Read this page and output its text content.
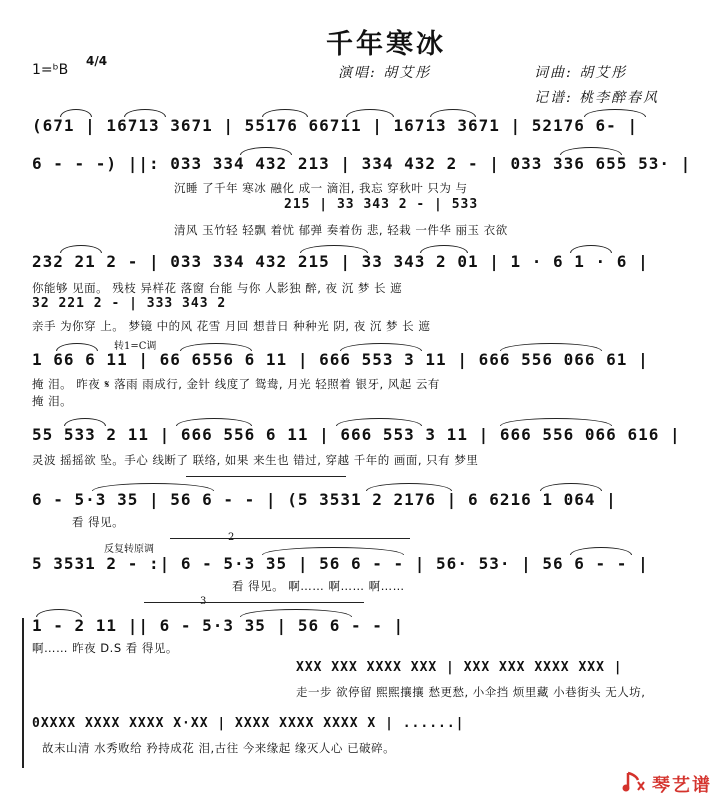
千年寒冰
1=ᵇB
4/4
演唱: 胡艾彤	词曲: 胡艾彤
记谱: 桃李醉春风
(671 | 16713 3671 | 55176 66711 | 16713 3671 | 52176 6- |
6 - - -) ||: 033 334 432 213 | 334 432 2 - | 033 336 655 53· |
沉睡 了千年 寒冰 融化 成一 滴泪, 我忘 穿秋叶 只为 与
215 | 33 343 2 - | 533
清风 玉竹轻 轻飘 着忧 郁弹 奏着伤 悲, 轻栽 一件华 丽玉 衣欲
232 21 2 - | 033 334 432 215 | 33 343 2 01 | 1 · 6 1 · 6 |
你能够 见面。 残枝 异样花 落窗 台能 与你 人影独 醉, 夜 沉 梦 长 遮
32 221 2 - | 333 343 2
亲手 为你穿 上。 梦镜 中的风 花雪 月回 想昔日 种种光 阴, 夜 沉 梦 长 遮
转1=C调
1 66 6 11 | 66 6556 6 11 | 666 553 3 11 | 666 556 066 61 |
掩 泪。 昨夜 𝄋 落雨 雨成行, 金针 线度了 鸳鸯, 月光 轻照着 银牙, 风起 云有
掩 泪。
55 533 2 11 | 666 556 6 11 | 666 553 3 11 | 666 556 066 616 |
灵波 摇摇欲 坠。手心 线断了 联络, 如果 来生也 错过, 穿越 千年的 画面, 只有 梦里
6 - 5·3 35 | 56 6 - - | (5 3531 2 2176 | 6 6216 1 064 |
看 得见。
反复转原调
5 3531 2 - :| 6 - 5·3 35 | 56 6 - - | 56· 53· | 56 6 - - |
看 得见。 啊…… 啊…… 啊……
1 - 2 11 || 6 - 5·3 35 | 56 6 - - |
啊…… 昨夜 D.S 看 得见。
XXX XXX XXXX XXX | XXX XXX XXXX XXX |
走一步 欲停留 熙熙攘攘 愁更愁, 小伞挡 烦里藏 小巷街头 无人坊,
0XXXX XXXX XXXX X·XX | XXXX XXXX XXXX X | ......|
故末山清 水秀败给 矜持成花 泪,古往 今来缘起 缘灭人心 已破碎。
琴艺谱
